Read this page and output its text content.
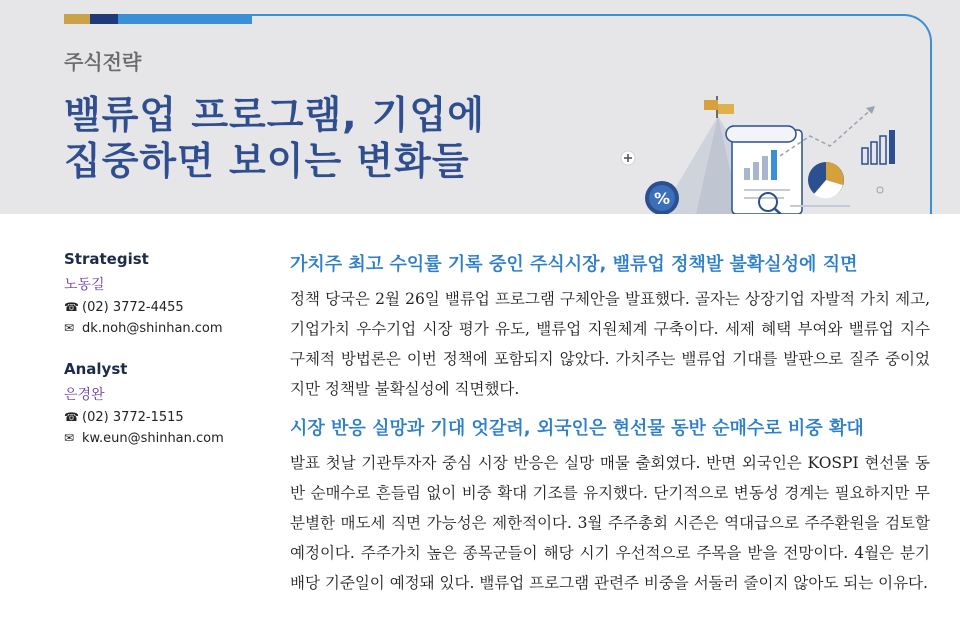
주식전략
밸류업 프로그램, 기업에
집중하면 보이는 변화들
%
Strategist
노동길
☎ (02) 3772-4455
✉ dk.noh@shinhan.com
Analyst
은경완
☎ (02) 3772-1515
✉ kw.eun@shinhan.com
가치주 최고 수익률 기록 중인 주식시장, 밸류업 정책발 불확실성에 직면

정책 당국은 2월 26일 밸류업 프로그램 구체안을 발표했다. 골자는 상장기업 자발적 가치 제고, 기업가치 우수기업 시장 평가 유도, 밸류업 지원체계 구축이다. 세제 혜택 부여와 밸류업 지수 구체적 방법론은 이번 정책에 포함되지 않았다. 가치주는 밸류업 기대를 발판으로 질주 중이었지만 정책발 불확실성에 직면했다.

시장 반응 실망과 기대 엇갈려, 외국인은 현선물 동반 순매수로 비중 확대

발표 첫날 기관투자자 중심 시장 반응은 실망 매물 출회였다. 반면 외국인은 KOSPI 현선물 동반 순매수로 흔들림 없이 비중 확대 기조를 유지했다. 단기적으로 변동성 경계는 필요하지만 무분별한 매도세 직면 가능성은 제한적이다. 3월 주주총회 시즌은 역대급으로 주주환원을 검토할 예정이다. 주주가치 높은 종목군들이 해당 시기 우선적으로 주목을 받을 전망이다. 4월은 분기 배당 기준일이 예정돼 있다. 밸류업 프로그램 관련주 비중을 서둘러 줄이지 않아도 되는 이유다.
